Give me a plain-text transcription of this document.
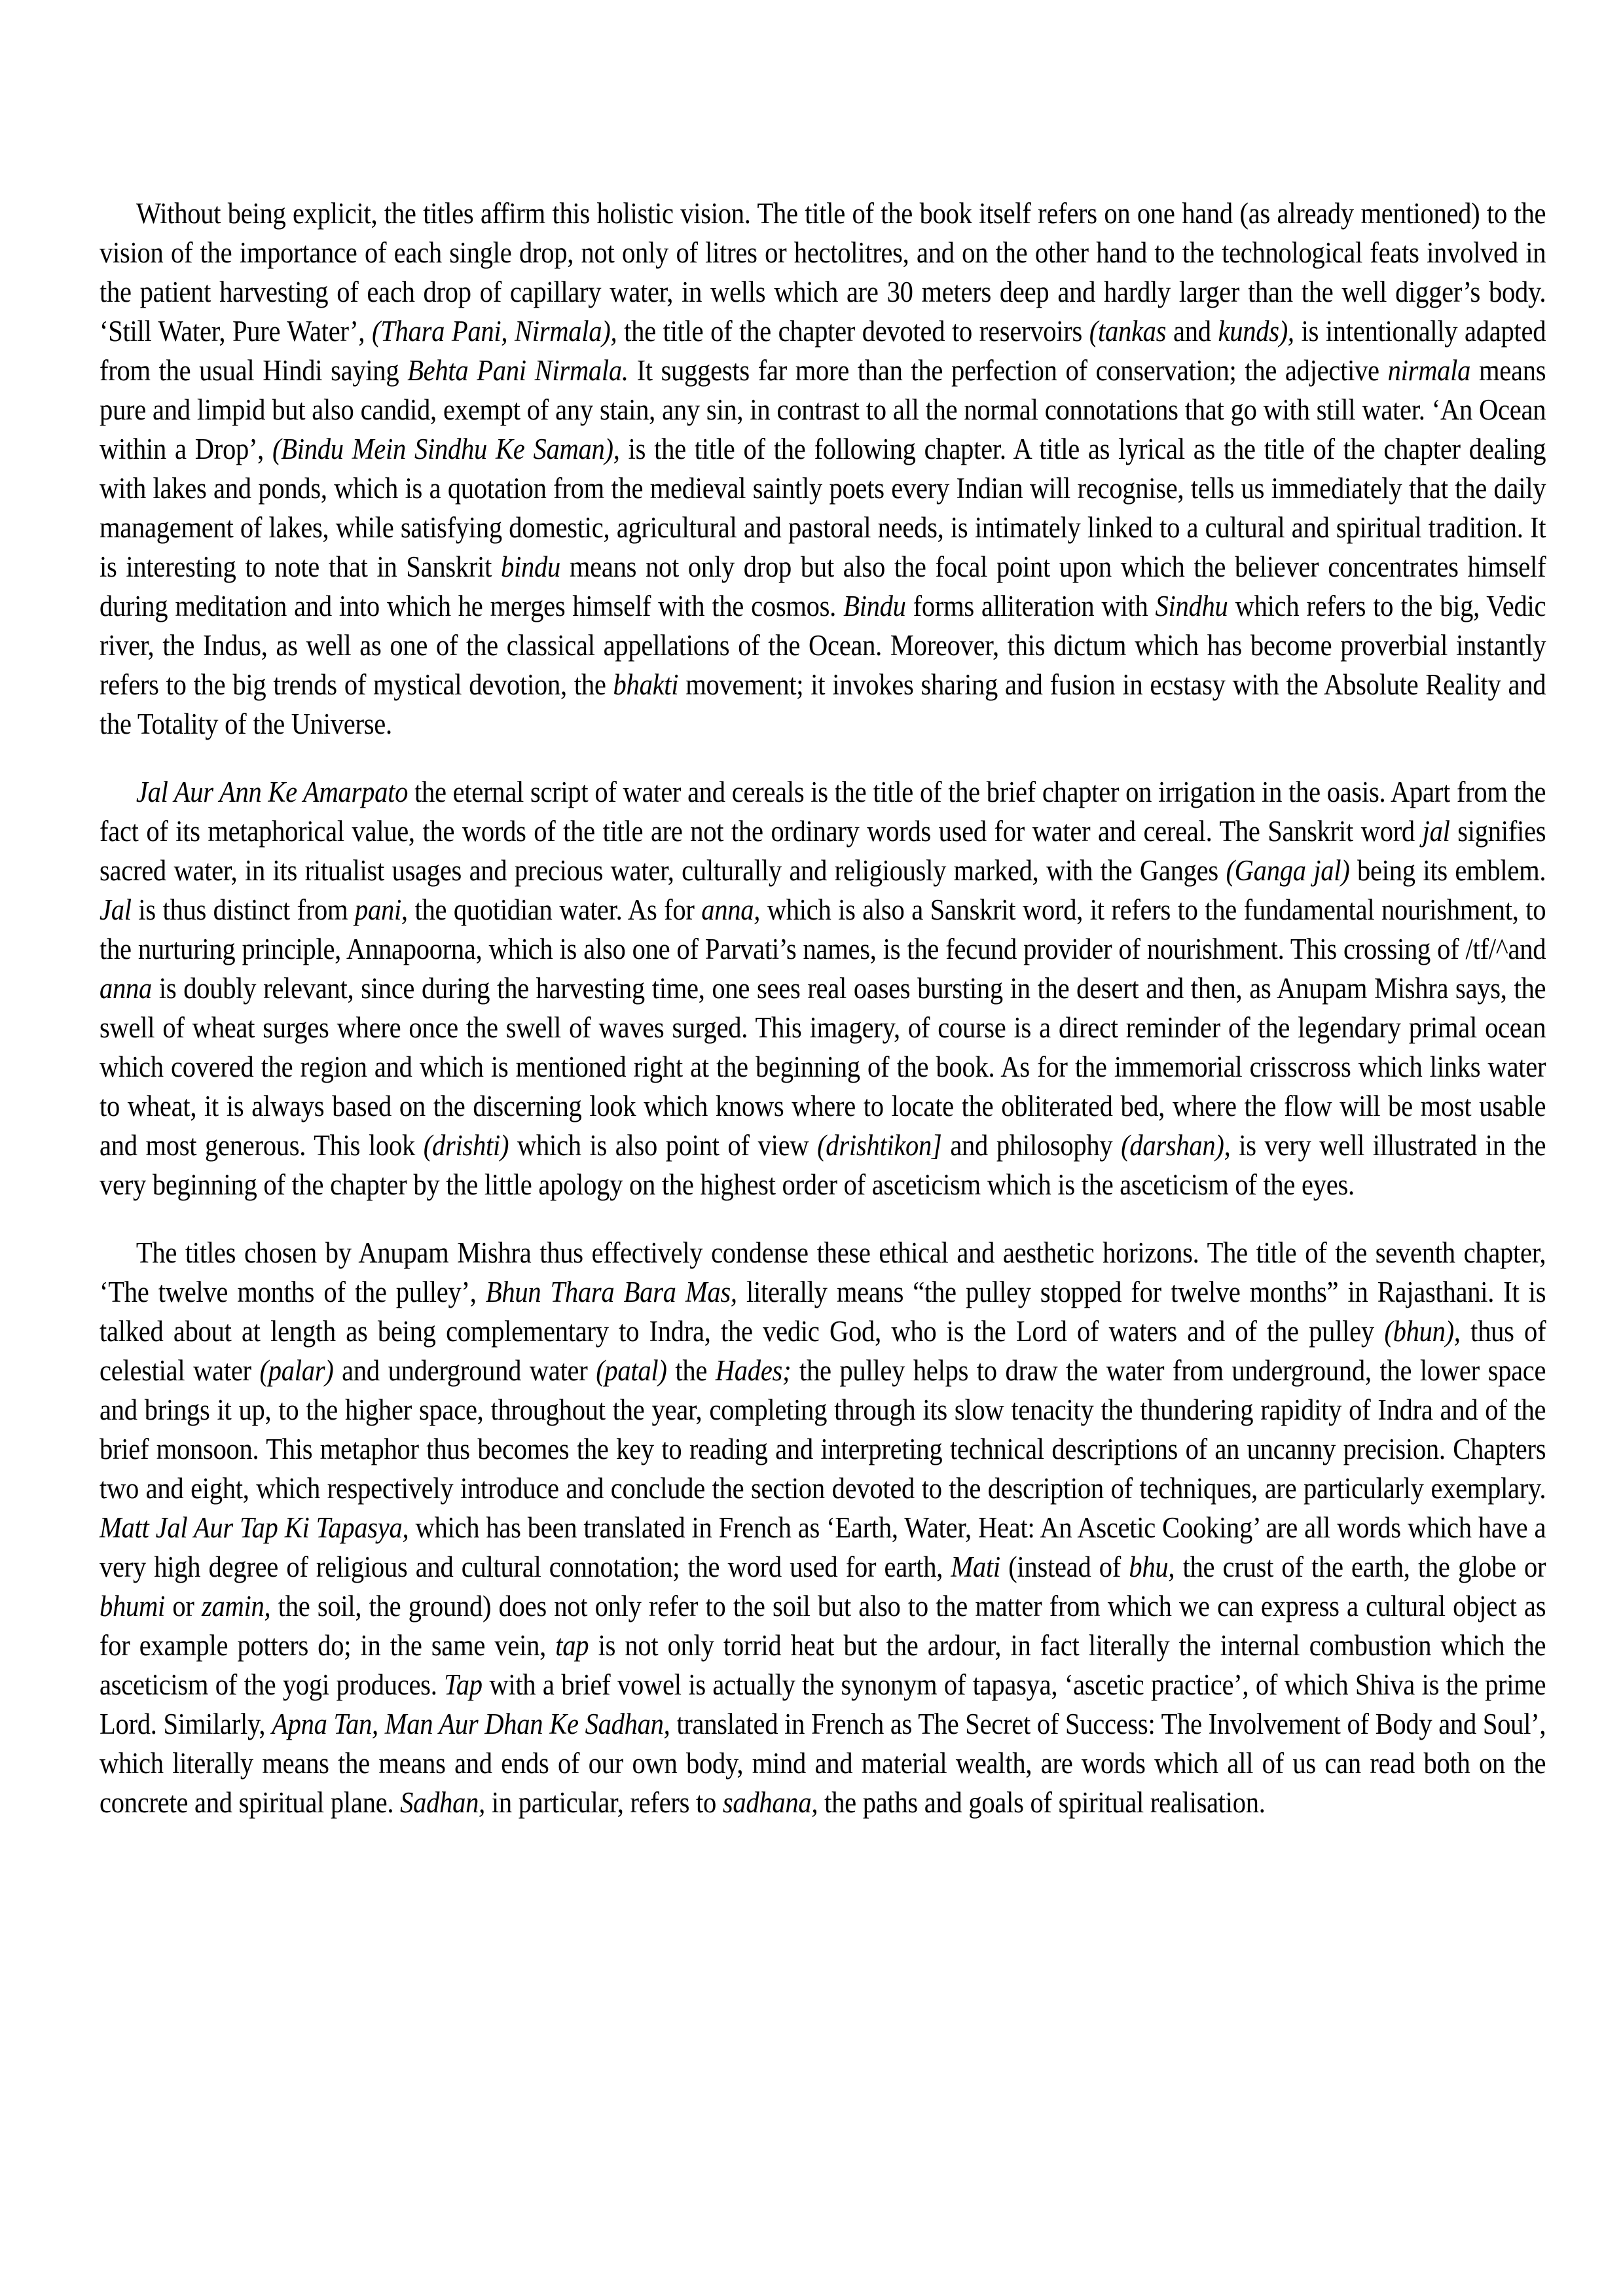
Without being explicit, the titles affirm this holistic vision. The title of the book itself refers on one hand (as already mentioned) to the vision of the importance of each single drop, not only of litres or hectolitres, and on the other hand to the technological feats involved in the patient harvesting of each drop of capillary water, in wells which are 30 meters deep and hardly larger than the well digger’s body. ‘Still Water, Pure Water’, (Thara Pani, Nirmala), the title of the chapter devoted to reservoirs (tankas and kunds), is intentionally adapted from the usual Hindi saying Behta Pani Nirmala. It suggests far more than the perfection of conservation; the adjective nirmala means pure and limpid but also candid, exempt of any stain, any sin, in contrast to all the normal connotations that go with still water. ‘An Ocean within a Drop’, (Bindu Mein Sindhu Ke Saman), is the title of the following chapter. A title as lyrical as the title of the chapter dealing with lakes and ponds, which is a quotation from the medieval saintly poets every Indian will recognise, tells us immediately that the daily management of lakes, while satisfying domestic, agricultural and pastoral needs, is intimately linked to a cultural and spiritual tradition. It is interesting to note that in Sanskrit bindu means not only drop but also the focal point upon which the believer concentrates himself during meditation and into which he merges himself with the cosmos. Bindu forms alliteration with Sindhu which refers to the big, Vedic river, the Indus, as well as one of the classical appellations of the Ocean. Moreover, this dictum which has become proverbial instantly refers to the big trends of mystical devotion, the bhakti movement; it invokes sharing and fusion in ecstasy with the Absolute Reality and the Totality of the Universe.

Jal Aur Ann Ke Amarpato the eternal script of water and cereals is the title of the brief chapter on irrigation in the oasis. Apart from the fact of its metaphorical value, the words of the title are not the ordinary words used for water and cereal. The Sanskrit word jal signifies sacred water, in its ritualist usages and precious water, culturally and religiously marked, with the Ganges (Ganga jal) being its emblem. Jal is thus distinct from pani, the quotidian water. As for anna, which is also a Sanskrit word, it refers to the fundamental nourishment, to the nurturing principle, Annapoorna, which is also one of Parvati’s names, is the fecund provider of nourishment. This crossing of /tf/^and anna is doubly relevant, since during the harvesting time, one sees real oases bursting in the desert and then, as Anupam Mishra says, the swell of wheat surges where once the swell of waves surged. This imagery, of course is a direct reminder of the legendary primal ocean which covered the region and which is mentioned right at the beginning of the book. As for the immemorial crisscross which links water to wheat, it is always based on the discerning look which knows where to locate the obliterated bed, where the flow will be most usable and most generous. This look (drishti) which is also point of view (drishtikon] and philosophy (darshan), is very well illustrated in the very beginning of the chapter by the little apology on the highest order of asceticism which is the asceticism of the eyes.

The titles chosen by Anupam Mishra thus effectively condense these ethical and aesthetic horizons. The title of the seventh chapter, ‘The twelve months of the pulley’, Bhun Thara Bara Mas, literally means “the pulley stopped for twelve months” in Rajasthani. It is talked about at length as being complementary to Indra, the vedic God, who is the Lord of waters and of the pulley (bhun), thus of celestial water (palar) and underground water (patal) the Hades; the pulley helps to draw the water from underground, the lower space and brings it up, to the higher space, throughout the year, completing through its slow tenacity the thundering rapidity of Indra and of the brief monsoon. This metaphor thus becomes the key to reading and interpreting technical descriptions of an uncanny precision. Chapters two and eight, which respectively introduce and conclude the section devoted to the description of techniques, are particularly exemplary. Matt Jal Aur Tap Ki Tapasya, which has been translated in French as ‘Earth, Water, Heat: An Ascetic Cooking’ are all words which have a very high degree of religious and cultural connotation; the word used for earth, Mati (instead of bhu, the crust of the earth, the globe or bhumi or zamin, the soil, the ground) does not only refer to the soil but also to the matter from which we can express a cultural object as for example potters do; in the same vein, tap is not only torrid heat but the ardour, in fact literally the internal combustion which the asceticism of the yogi produces. Tap with a brief vowel is actually the synonym of tapasya, ‘ascetic practice’, of which Shiva is the prime Lord. Similarly, Apna Tan, Man Aur Dhan Ke Sadhan, translated in French as The Secret of Success: The Involvement of Body and Soul’, which literally means the means and ends of our own body, mind and material wealth, are words which all of us can read both on the concrete and spiritual plane. Sadhan, in particular, refers to sadhana, the paths and goals of spiritual realisation.
